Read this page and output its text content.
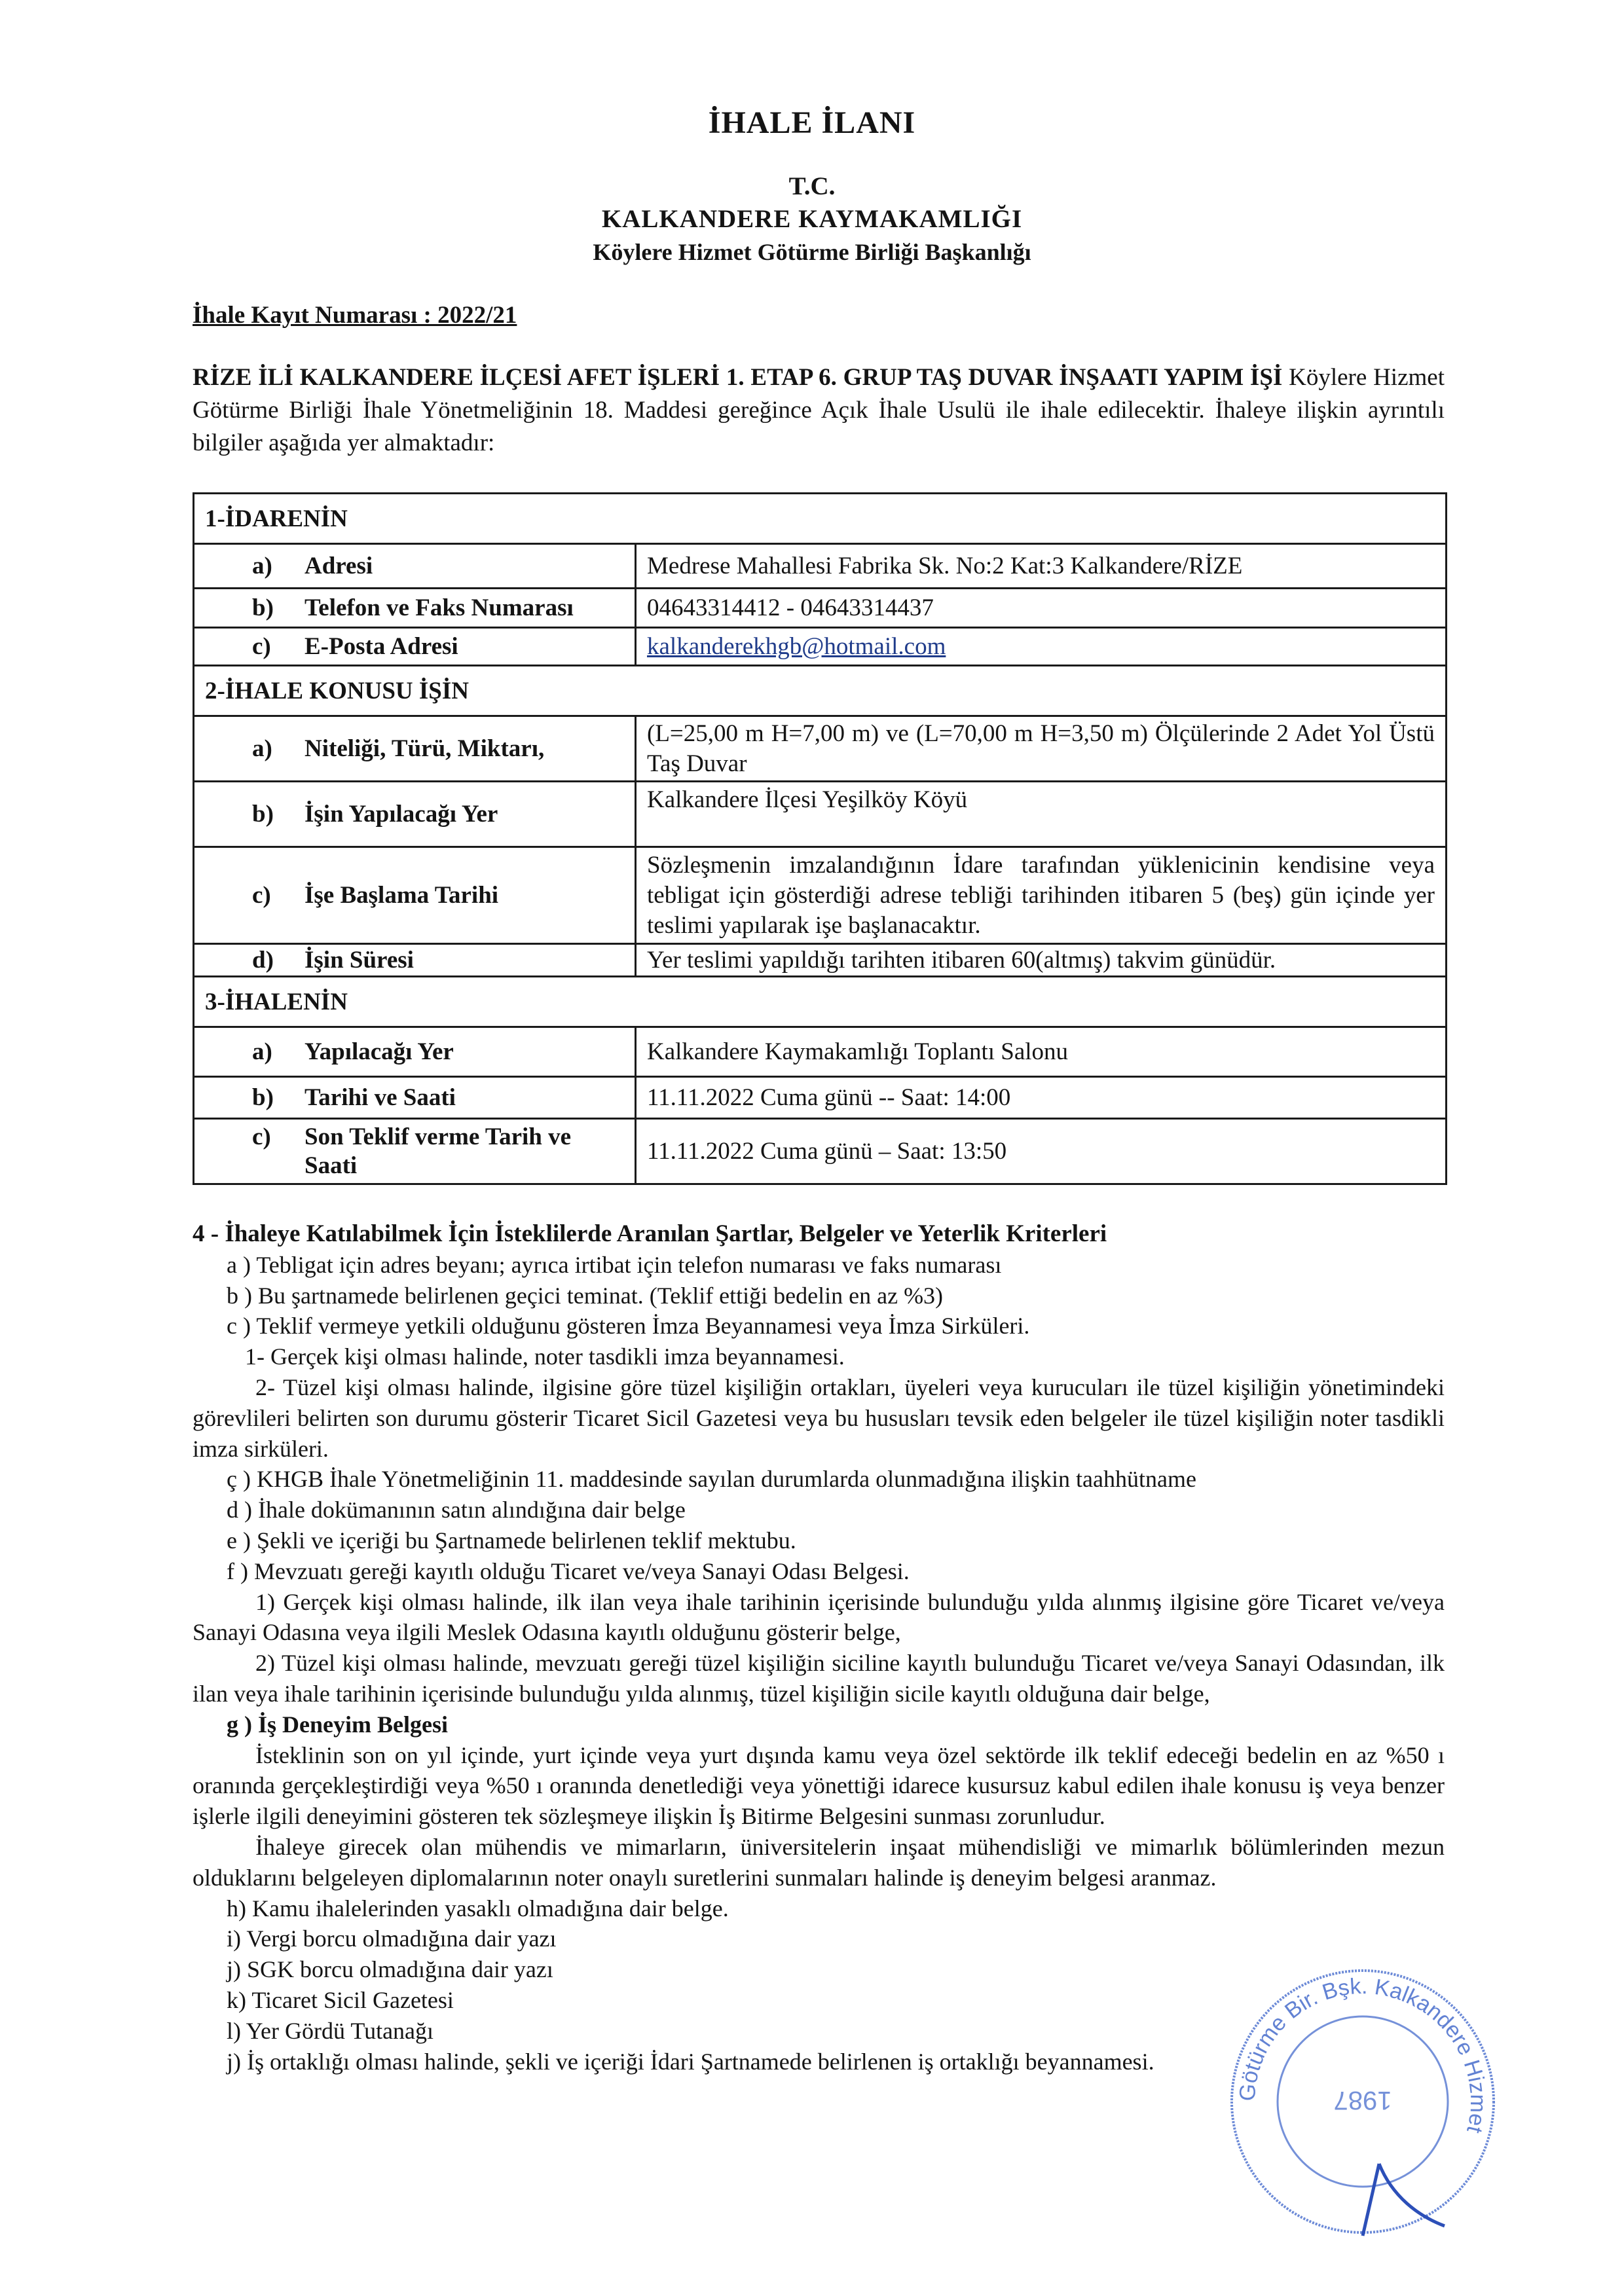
İHALE İLANI
T.C.
KALKANDERE KAYMAKAMLIĞI
Köylere Hizmet Götürme Birliği Başkanlığı
İhale Kayıt Numarası : 2022/21
RİZE İLİ KALKANDERE İLÇESİ AFET İŞLERİ 1. ETAP 6. GRUP TAŞ DUVAR İNŞAATI YAPIM İŞİ Köylere Hizmet Götürme Birliği İhale Yönetmeliğinin 18. Maddesi gereğince Açık İhale Usulü ile ihale edilecektir. İhaleye ilişkin ayrıntılı bilgiler aşağıda yer almaktadır:
1-İDARENİN	
a) Adresi	Medrese Mahallesi Fabrika Sk. No:2 Kat:3 Kalkandere/RİZE
b) Telefon ve Faks Numarası	04643314412 - 04643314437
c) E-Posta Adresi	kalkanderekhgb@hotmail.com
2-İHALE KONUSU İŞİN	
a) Niteliği, Türü, Miktarı,	(L=25,00 m H=7,00 m) ve (L=70,00 m H=3,50 m) Ölçülerinde 2 Adet Yol Üstü Taş Duvar
b) İşin Yapılacağı Yer	Kalkandere İlçesi Yeşilköy Köyü
c) İşe Başlama Tarihi	Sözleşmenin imzalandığının İdare tarafından yüklenicinin kendisine veya tebligat için gösterdiği adrese tebliği tarihinden itibaren 5 (beş) gün içinde yer teslimi yapılarak işe başlanacaktır.
d) İşin Süresi	Yer teslimi yapıldığı tarihten itibaren 60(altmış) takvim günüdür.
3-İHALENİN	
a) Yapılacağı Yer	Kalkandere Kaymakamlığı Toplantı Salonu
b) Tarihi ve Saati	11.11.2022 Cuma günü -- Saat: 14:00
c) Son Teklif verme Tarih ve Saati	11.11.2022 Cuma günü – Saat: 13:50

4 - İhaleye Katılabilmek İçin İsteklilerde Aranılan Şartlar, Belgeler ve Yeterlik Kriterleri

a ) Tebligat için adres beyanı; ayrıca irtibat için telefon numarası ve faks numarası

b ) Bu şartnamede belirlenen geçici teminat. (Teklif ettiği bedelin en az %3)

c ) Teklif vermeye yetkili olduğunu gösteren İmza Beyannamesi veya İmza Sirküleri.

1- Gerçek kişi olması halinde, noter tasdikli imza beyannamesi.

2- Tüzel kişi olması halinde, ilgisine göre tüzel kişiliğin ortakları, üyeleri veya kurucuları ile tüzel kişiliğin yönetimindeki görevlileri belirten son durumu gösterir Ticaret Sicil Gazetesi veya bu hususları tevsik eden belgeler ile tüzel kişiliğin noter tasdikli imza sirküleri.

ç ) KHGB İhale Yönetmeliğinin 11. maddesinde sayılan durumlarda olunmadığına ilişkin taahhütname

d ) İhale dokümanının satın alındığına dair belge

e ) Şekli ve içeriği bu Şartnamede belirlenen teklif mektubu.

f ) Mevzuatı gereği kayıtlı olduğu Ticaret ve/veya Sanayi Odası Belgesi.

1) Gerçek kişi olması halinde, ilk ilan veya ihale tarihinin içerisinde bulunduğu yılda alınmış ilgisine göre Ticaret ve/veya Sanayi Odasına veya ilgili Meslek Odasına kayıtlı olduğunu gösterir belge,

2) Tüzel kişi olması halinde, mevzuatı gereği tüzel kişiliğin siciline kayıtlı bulunduğu Ticaret ve/veya Sanayi Odasından, ilk ilan veya ihale tarihinin içerisinde bulunduğu yılda alınmış, tüzel kişiliğin sicile kayıtlı olduğuna dair belge,

g ) İş Deneyim Belgesi

İsteklinin son on yıl içinde, yurt içinde veya yurt dışında kamu veya özel sektörde ilk teklif edeceği bedelin en az %50 ı oranında gerçekleştirdiği veya %50 ı oranında denetlediği veya yönettiği idarece kusursuz kabul edilen ihale konusu iş veya benzer işlerle ilgili deneyimini gösteren tek sözleşmeye ilişkin İş Bitirme Belgesini sunması zorunludur.

İhaleye girecek olan mühendis ve mimarların, üniversitelerin inşaat mühendisliği ve mimarlık bölümlerinden mezun olduklarını belgeleyen diplomalarının noter onaylı suretlerini sunmaları halinde iş deneyim belgesi aranmaz.

h) Kamu ihalelerinden yasaklı olmadığına dair belge.

i) Vergi borcu olmadığına dair yazı

j) SGK borcu olmadığına dair yazı

k) Ticaret Sicil Gazetesi

l) Yer Gördü Tutanağı

j) İş ortaklığı olması halinde, şekli ve içeriği İdari Şartnamede belirlenen iş ortaklığı beyannamesi.

Götürme Bir. Bşk. Kalkandere Hizmet
1987
